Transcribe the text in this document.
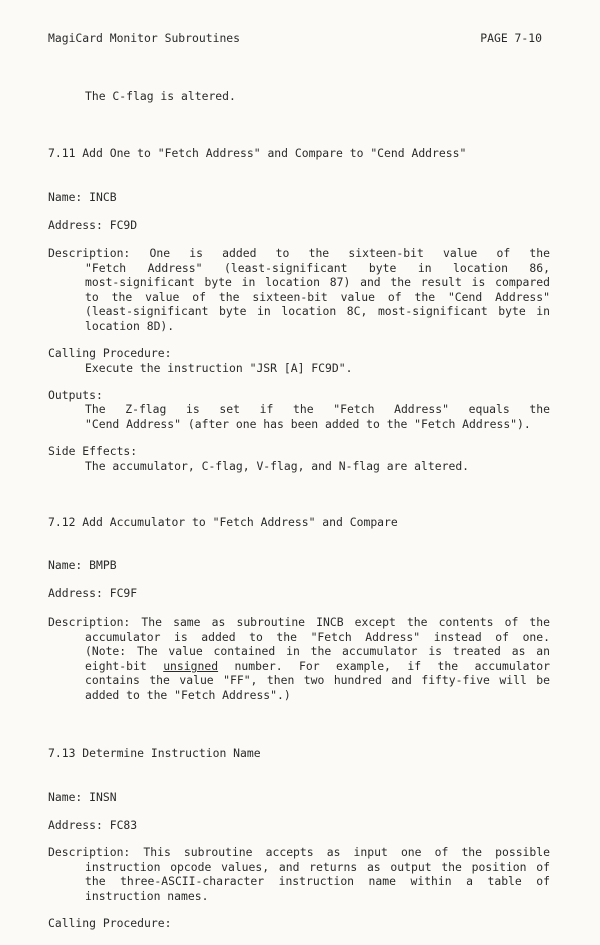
MagiCard Monitor Subroutines	PAGE 7-10
The C-flag is altered.
7.11 Add One to "Fetch Address" and Compare to "Cend Address"
Name: INCB
Address: FC9D
Description: One is added to the sixteen-bit value of the
"Fetch Address" (least-significant byte in location 86,
most-significant byte in location 87) and the result is compared
to the value of the sixteen-bit value of the "Cend Address"
(least-significant byte in location 8C, most-significant byte in
location 8D).
Calling Procedure:
Execute the instruction "JSR [A] FC9D".
Outputs:
The Z-flag is set if the "Fetch Address" equals the
"Cend Address" (after one has been added to the "Fetch Address").
Side Effects:
The accumulator, C-flag, V-flag, and N-flag are altered.
7.12 Add Accumulator to "Fetch Address" and Compare
Name: BMPB
Address: FC9F
Description: The same as subroutine INCB except the contents of the
accumulator is added to the "Fetch Address" instead of one.
(Note: The value contained in the accumulator is treated as an
eight-bit unsigned number. For example, if the accumulator
contains the value "FF", then two hundred and fifty-five will be
added to the "Fetch Address".)
7.13 Determine Instruction Name
Name: INSN
Address: FC83
Description: This subroutine accepts as input one of the possible
instruction opcode values, and returns as output the position of
the three-ASCII-character instruction name within a table of
instruction names.
Calling Procedure:
